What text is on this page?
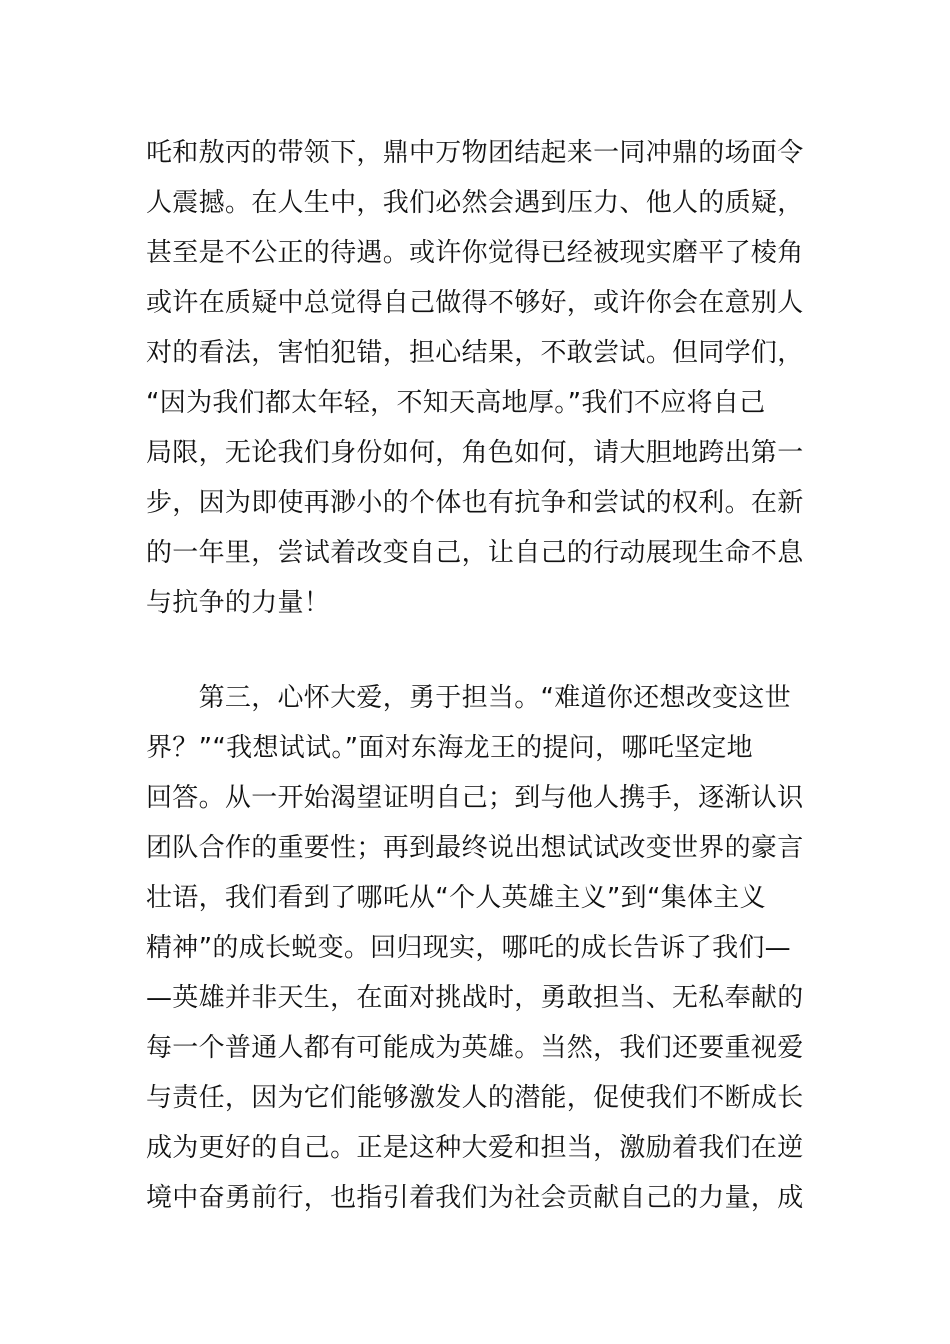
吒和敖丙的带领下，鼎中万物团结起来一同冲鼎的场面令
人震撼。在人生中，我们必然会遇到压力、他人的质疑，
甚至是不公正的待遇。或许你觉得已经被现实磨平了棱角
或许在质疑中总觉得自己做得不够好，或许你会在意别人
对的看法，害怕犯错，担心结果，不敢尝试。但同学们，
“因为我们都太年轻，不知天高地厚。”我们不应将自己
局限，无论我们身份如何，角色如何，请大胆地跨出第一
步，因为即使再渺小的个体也有抗争和尝试的权利。在新
的一年里，尝试着改变自己，让自己的行动展现生命不息
与抗争的力量！
　　第三，心怀大爱，勇于担当。“难道你还想改变这世
界？”“我想试试。”面对东海龙王的提问，哪吒坚定地
回答。从一开始渴望证明自己；到与他人携手，逐渐认识
团队合作的重要性；再到最终说出想试试改变世界的豪言
壮语，我们看到了哪吒从“个人英雄主义”到“集体主义
精神”的成长蜕变。回归现实，哪吒的成长告诉了我们—
—英雄并非天生，在面对挑战时，勇敢担当、无私奉献的
每一个普通人都有可能成为英雄。当然，我们还要重视爱
与责任，因为它们能够激发人的潜能，促使我们不断成长
成为更好的自己。正是这种大爱和担当，激励着我们在逆
境中奋勇前行，也指引着我们为社会贡献自己的力量，成
